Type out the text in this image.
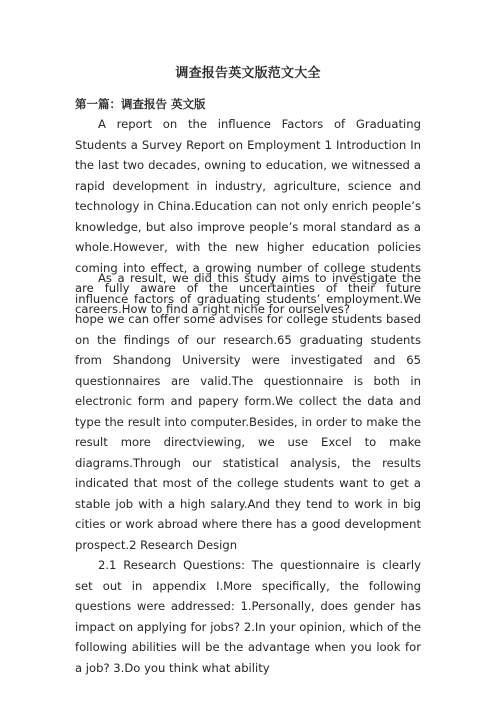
调查报告英文版范文大全
第一篇：调查报告 英文版

A report on the influence Factors of Graduating Students a Survey Report on Employment 1 Introduction In the last two decades, owning to education, we witnessed a rapid development in industry, agriculture, science and technology in China.Education can not only enrich people’s knowledge, but also improve people’s moral standard as a whole.However, with the new higher education policies coming into effect, a growing number of college students are fully aware of the uncertainties of their future careers.How to find a right niche for ourselves?

As a result, we did this study aims to investigate the influence factors of graduating students’ employment.We hope we can offer some advises for college students based on the findings of our research.65 graduating students from Shandong University were investigated and 65 questionnaires are valid.The questionnaire is both in electronic form and papery form.We collect the data and type the result into computer.Besides, in order to make the result more directviewing, we use Excel to make diagrams.Through our statistical analysis, the results indicated that most of the college students want to get a stable job with a high salary.And they tend to work in big cities or work abroad where there has a good development prospect.2 Research Design

2.1 Research Questions: The questionnaire is clearly set out in appendix I.More specifically, the following questions were addressed: 1.Personally, does gender has impact on applying for jobs? 2.In your opinion, which of the following abilities will be the advantage when you look for a job? 3.Do you think what ability
